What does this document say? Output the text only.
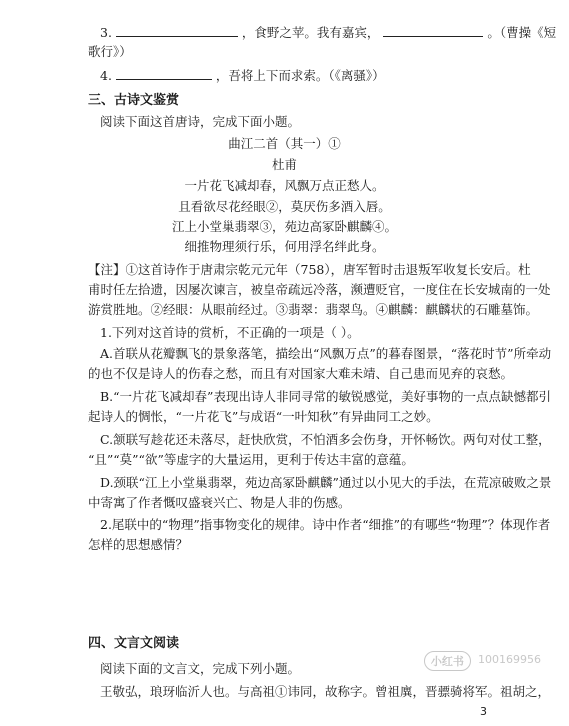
3.	，食野之苹。我有嘉宾，	。（曹操《短
歌行》）
4.	，吾将上下而求索。（《离骚》）
三、古诗文鉴赏
阅读下面这首唐诗，完成下面小题。
曲江二首（其一）①
杜甫
一片花飞减却春，风飘万点正愁人。
且看欲尽花经眼②，莫厌伤多酒入唇。
江上小堂巢翡翠③，苑边高冢卧麒麟④。
细推物理须行乐，何用浮名绊此身。
【注】①这首诗作于唐肃宗乾元元年（758），唐军暂时击退叛军收复长安后。杜
甫时任左拾遗，因屡次谏言，被皇帝疏远冷落，濒遭贬官，一度住在长安城南的一处
游赏胜地。②经眼：从眼前经过。③翡翠：翡翠鸟。④麒麟：麒麟状的石雕墓饰。
1.下列对这首诗的赏析，不正确的一项是（ ）。
A.首联从花瓣飘飞的景象落笔，描绘出“风飘万点”的暮春图景，“落花时节”所牵动
的也不仅是诗人的伤春之愁，而且有对国家大难未靖、自己患而见弃的哀愁。
B.“一片花飞减却春”表现出诗人非同寻常的敏锐感觉，美好事物的一点点缺憾都引
起诗人的惆怅，“一片花飞”与成语“一叶知秋”有异曲同工之妙。
C.颔联写趁花还未落尽，赶快欣赏，不怕酒多会伤身，开怀畅饮。两句对仗工整，
“且”“莫”“欲”等虚字的大量运用，更利于传达丰富的意蕴。
D.颈联“江上小堂巢翡翠，苑边高冢卧麒麟”通过以小见大的手法，在荒凉破败之景
中寄寓了作者慨叹盛衰兴亡、物是人非的伤感。
2.尾联中的“物理”指事物变化的规律。诗中作者“细推”的有哪些“物理”？体现作者
怎样的思想感情？
四、文言文阅读
阅读下面的文言文，完成下列小题。
王敬弘，琅玡临沂人也。与高祖①讳同，故称字。曾祖廙，晋骠骑将军。祖胡之，
小红书 100169956
3
